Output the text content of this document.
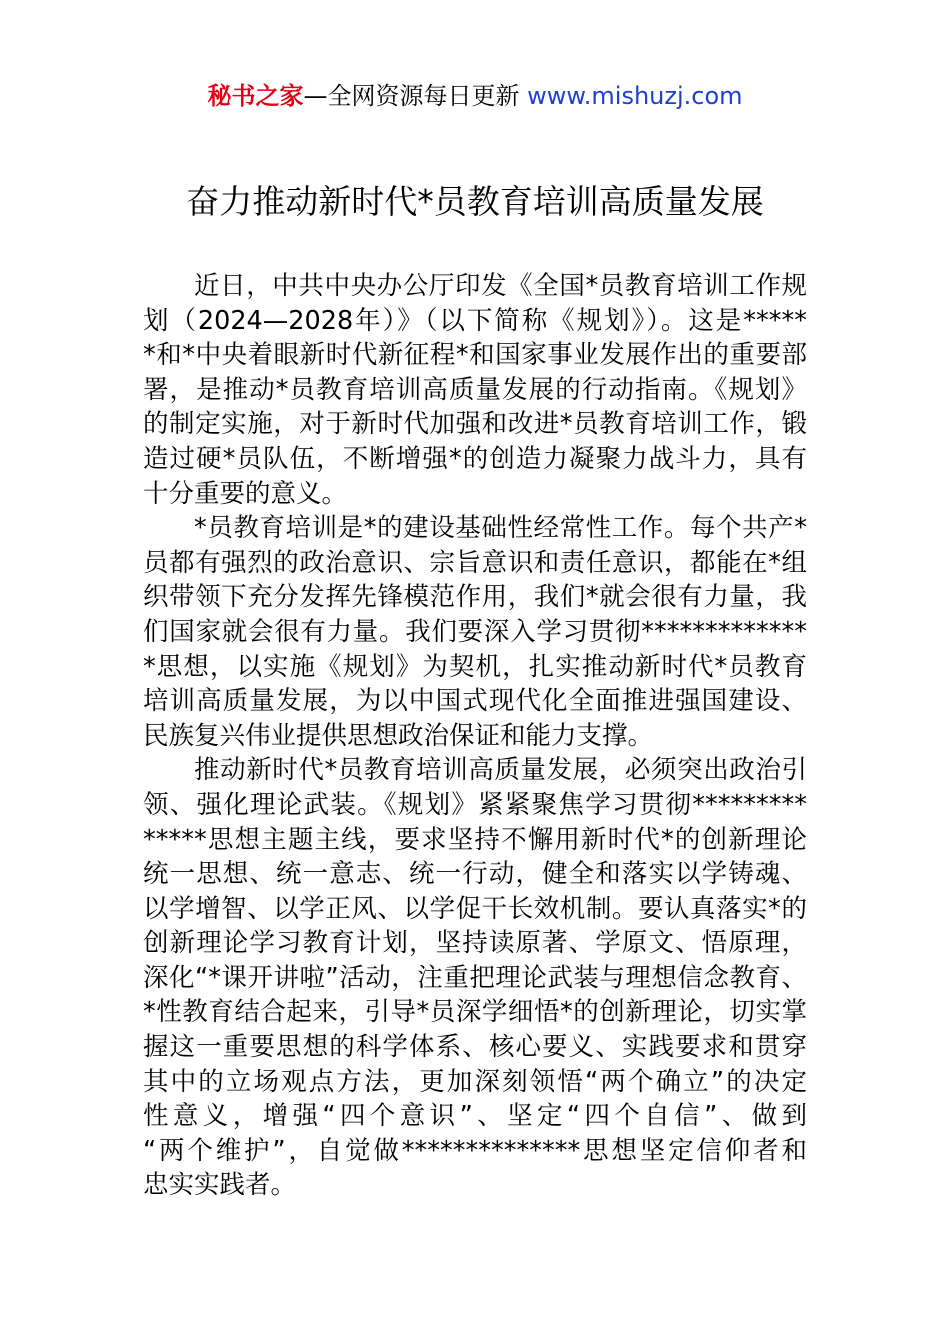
秘书之家—全网资源每日更新 www.mishuzj.com
奋力推动新时代*员教育培训高质量发展
近日，中共中央办公厅印发《全国*员教育培训工作规
划（2024—2028年）》（以下简称《规划》）。这是*****
*和*中央着眼新时代新征程*和国家事业发展作出的重要部
署，是推动*员教育培训高质量发展的行动指南。《规划》
的制定实施，对于新时代加强和改进*员教育培训工作，锻
造过硬*员队伍，不断增强*的创造力凝聚力战斗力，具有
十分重要的意义。
*员教育培训是*的建设基础性经常性工作。每个共产*
员都有强烈的政治意识、宗旨意识和责任意识，都能在*组
织带领下充分发挥先锋模范作用，我们*就会很有力量，我
们国家就会很有力量。我们要深入学习贯彻*************
*思想，以实施《规划》为契机，扎实推动新时代*员教育
培训高质量发展，为以中国式现代化全面推进强国建设、
民族复兴伟业提供思想政治保证和能力支撑。
推动新时代*员教育培训高质量发展，必须突出政治引
领、强化理论武装。《规划》紧紧聚焦学习贯彻*********
*****思想主题主线，要求坚持不懈用新时代*的创新理论
统一思想、统一意志、统一行动，健全和落实以学铸魂、
以学增智、以学正风、以学促干长效机制。要认真落实*的
创新理论学习教育计划，坚持读原著、学原文、悟原理，
深化“*课开讲啦”活动，注重把理论武装与理想信念教育、
*性教育结合起来，引导*员深学细悟*的创新理论，切实掌
握这一重要思想的科学体系、核心要义、实践要求和贯穿
其中的立场观点方法，更加深刻领悟“两个确立”的决定
性意义，增强“四个意识”、坚定“四个自信”、做到
“两个维护”，自觉做**************思想坚定信仰者和
忠实实践者。
